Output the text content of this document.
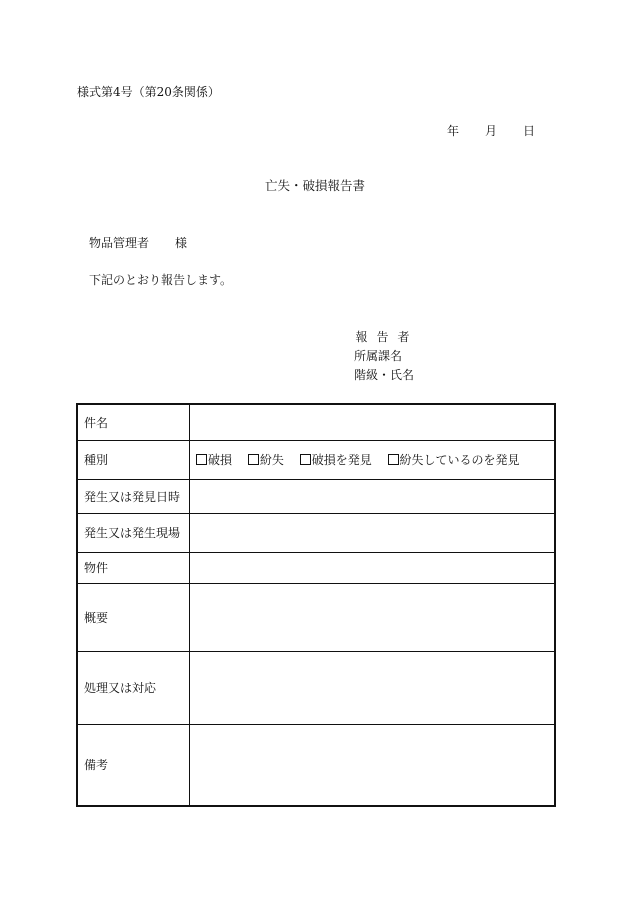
様式第4号（第20条関係）
年 月 日
亡失・破損報告書
物品管理者 様
下記のとおり報告します。
報 告 者
所属課名
階級・氏名
件名	
種別	破損 紛失 破損を発見 紛失しているのを発見
発生又は発見日時	
発生又は発生現場	
物件	
概要	
処理又は対応	
備考	
